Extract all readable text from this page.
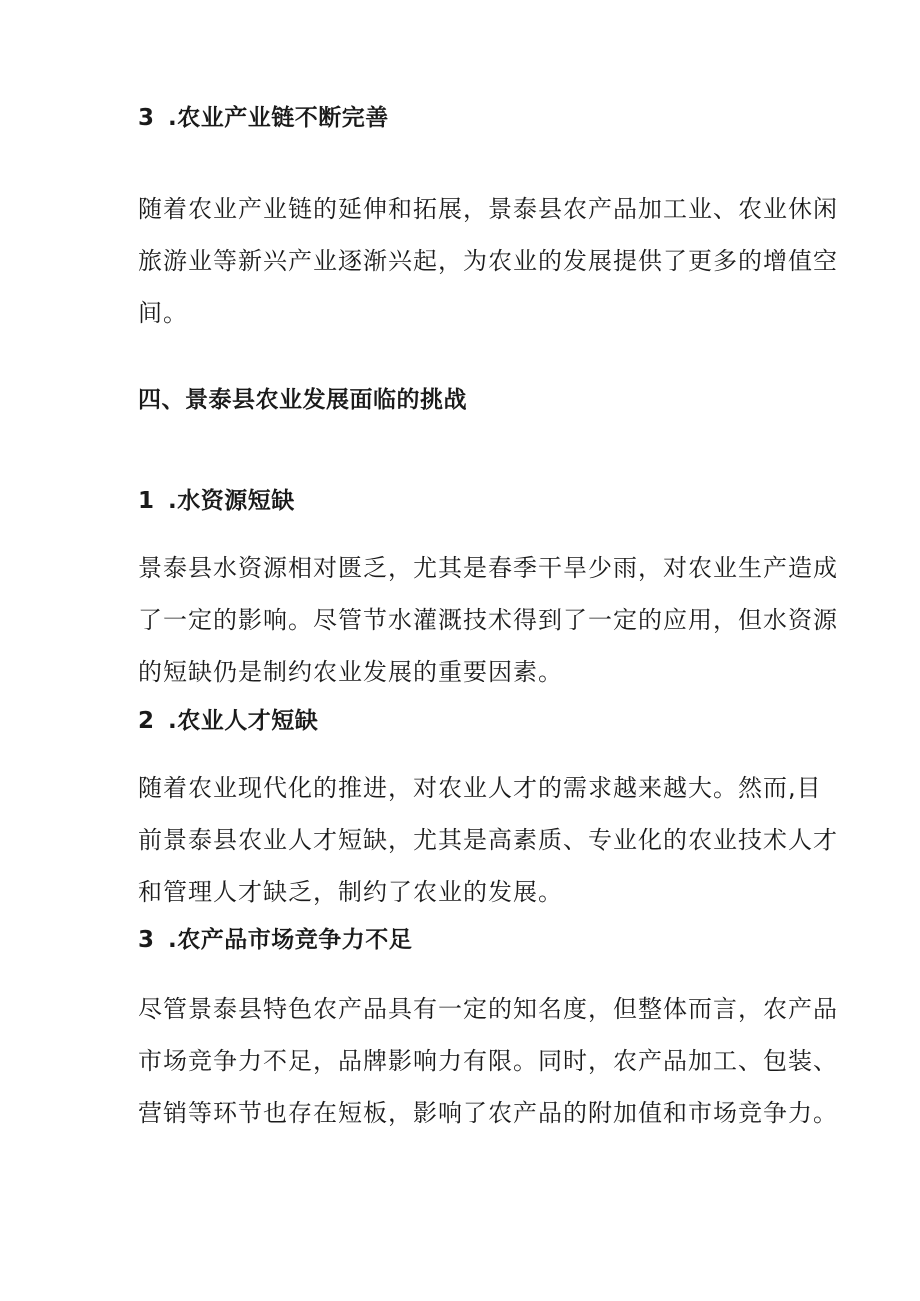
3 .农业产业链不断完善

随着农业产业链的延伸和拓展，景泰县农产品加工业、农业休闲
旅游业等新兴产业逐渐兴起，为农业的发展提供了更多的增值空
间。

四、景泰县农业发展面临的挑战
1 .水资源短缺

景泰县水资源相对匮乏，尤其是春季干旱少雨，对农业生产造成
了一定的影响。尽管节水灌溉技术得到了一定的应用，但水资源
的短缺仍是制约农业发展的重要因素。

2 .农业人才短缺

随着农业现代化的推进，对农业人才的需求越来越大。然而,目
前景泰县农业人才短缺，尤其是高素质、专业化的农业技术人才
和管理人才缺乏，制约了农业的发展。

3 .农产品市场竞争力不足

尽管景泰县特色农产品具有一定的知名度，但整体而言，农产品
市场竞争力不足，品牌影响力有限。同时，农产品加工、包装、
营销等环节也存在短板，影响了农产品的附加值和市场竞争力。
